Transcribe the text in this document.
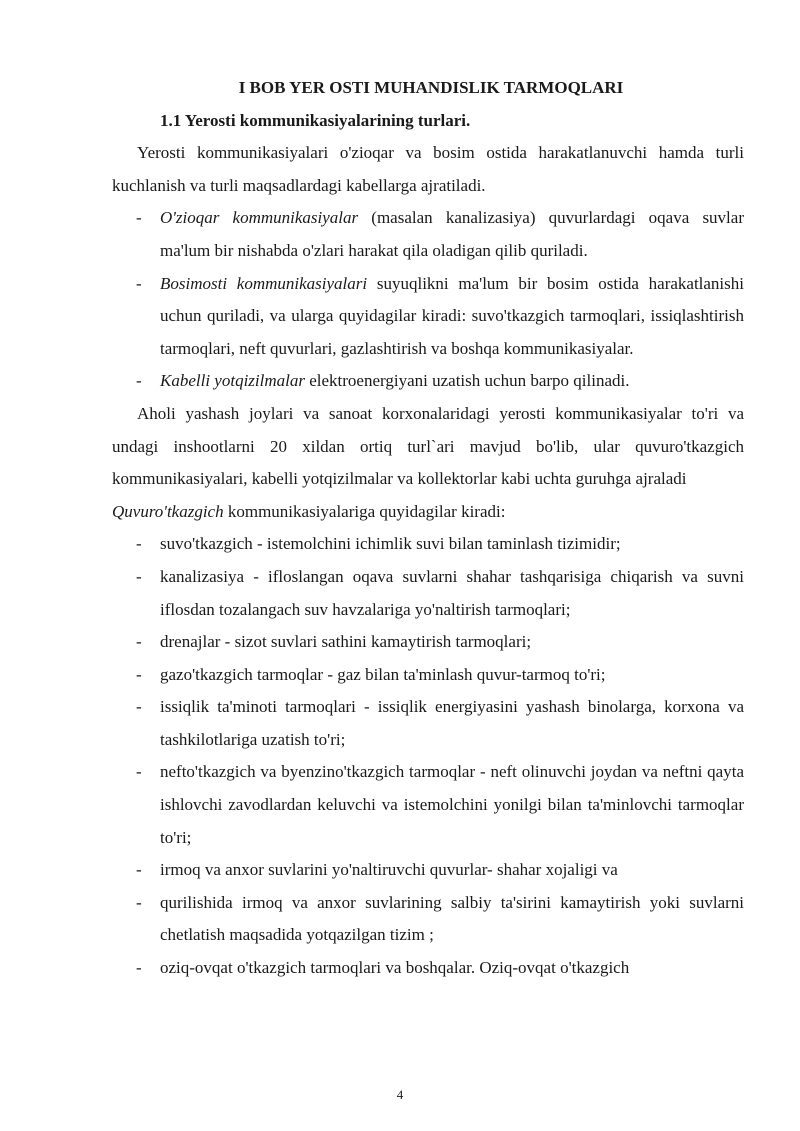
I BOB YER OSTI MUHANDISLIK TARMOQLARI

1.1 Yerosti kommunikasiyalarining turlari.

Yerosti kommunikasiyalari o'zioqar va bosim ostida harakatlanuvchi hamda turli kuchlanish va turli maqsadlardagi kabellarga ajratiladi.

- O'zioqar kommunikasiyalar (masalan kanalizasiya) quvurlardagi oqava suvlar ma'lum bir nishabda o'zlari harakat qila oladigan qilib quriladi.
- Bosimosti kommunikasiyalari suyuqlikni ma'lum bir bosim ostida harakatlanishi uchun quriladi, va ularga quyidagilar kiradi: suvo'tkazgich tarmoqlari, issiqlashtirish tarmoqlari, neft quvurlari, gazlashtirish va boshqa kommunikasiyalar.
- Kabelli yotqizilmalar elektroenergiyani uzatish uchun barpo qilinadi.

Aholi yashash joylari va sanoat korxonalaridagi yerosti kommunikasiyalar to'ri va undagi inshootlarni 20 xildan ortiq turl`ari mavjud bo'lib, ular quvuro'tkazgich kommunikasiyalari, kabelli yotqizilmalar va kollektorlar kabi uchta guruhga ajraladi

Quvuro'tkazgich kommunikasiyalariga quyidagilar kiradi:

- suvo'tkazgich - istemolchini ichimlik suvi bilan taminlash tizimidir;
- kanalizasiya - ifloslangan oqava suvlarni shahar tashqarisiga chiqarish va suvni iflosdan tozalangach suv havzalariga yo'naltirish tarmoqlari;
- drenajlar - sizot suvlari sathini kamaytirish tarmoqlari;
- gazo'tkazgich tarmoqlar - gaz bilan ta'minlash quvur-tarmoq to'ri;
- issiqlik ta'minoti tarmoqlari - issiqlik energiyasini yashash binolarga, korxona va tashkilotlariga uzatish to'ri;
- nefto'tkazgich va byenzino'tkazgich tarmoqlar - neft olinuvchi joydan va neftni qayta ishlovchi zavodlardan keluvchi va istemolchini yonilgi bilan ta'minlovchi tarmoqlar to'ri;
- irmoq va anxor suvlarini yo'naltiruvchi quvurlar- shahar xojaligi va
- qurilishida irmoq va anxor suvlarining salbiy ta'sirini kamaytirish yoki suvlarni chetlatish maqsadida yotqazilgan tizim ;
- oziq-ovqat o'tkazgich tarmoqlari va boshqalar. Oziq-ovqat o'tkazgich
4
